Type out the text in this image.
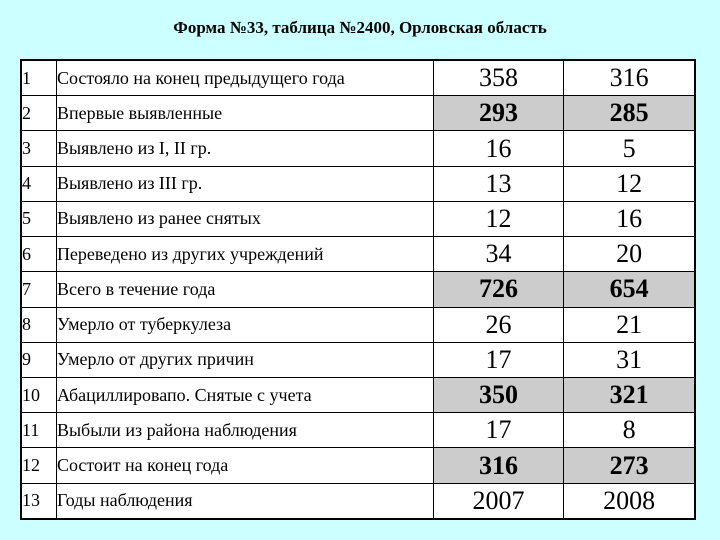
Форма №33, таблица №2400, Орловская область
1	Состояло на конец предыдущего года	358	316
2	Впервые выявленные	293	285
3	Выявлено из I, II гр.	16	5
4	Выявлено из III гр.	13	12
5	Выявлено из ранее снятых	12	16
6	Переведено из других учреждений	34	20
7	Всего в течение года	726	654
8	Умерло от туберкулеза	26	21
9	Умерло от других причин	17	31
10	Абациллировапо. Снятые с учета	350	321
11	Выбыли из района наблюдения	17	8
12	Состоит на конец года	316	273
13	Годы наблюдения	2007	2008
